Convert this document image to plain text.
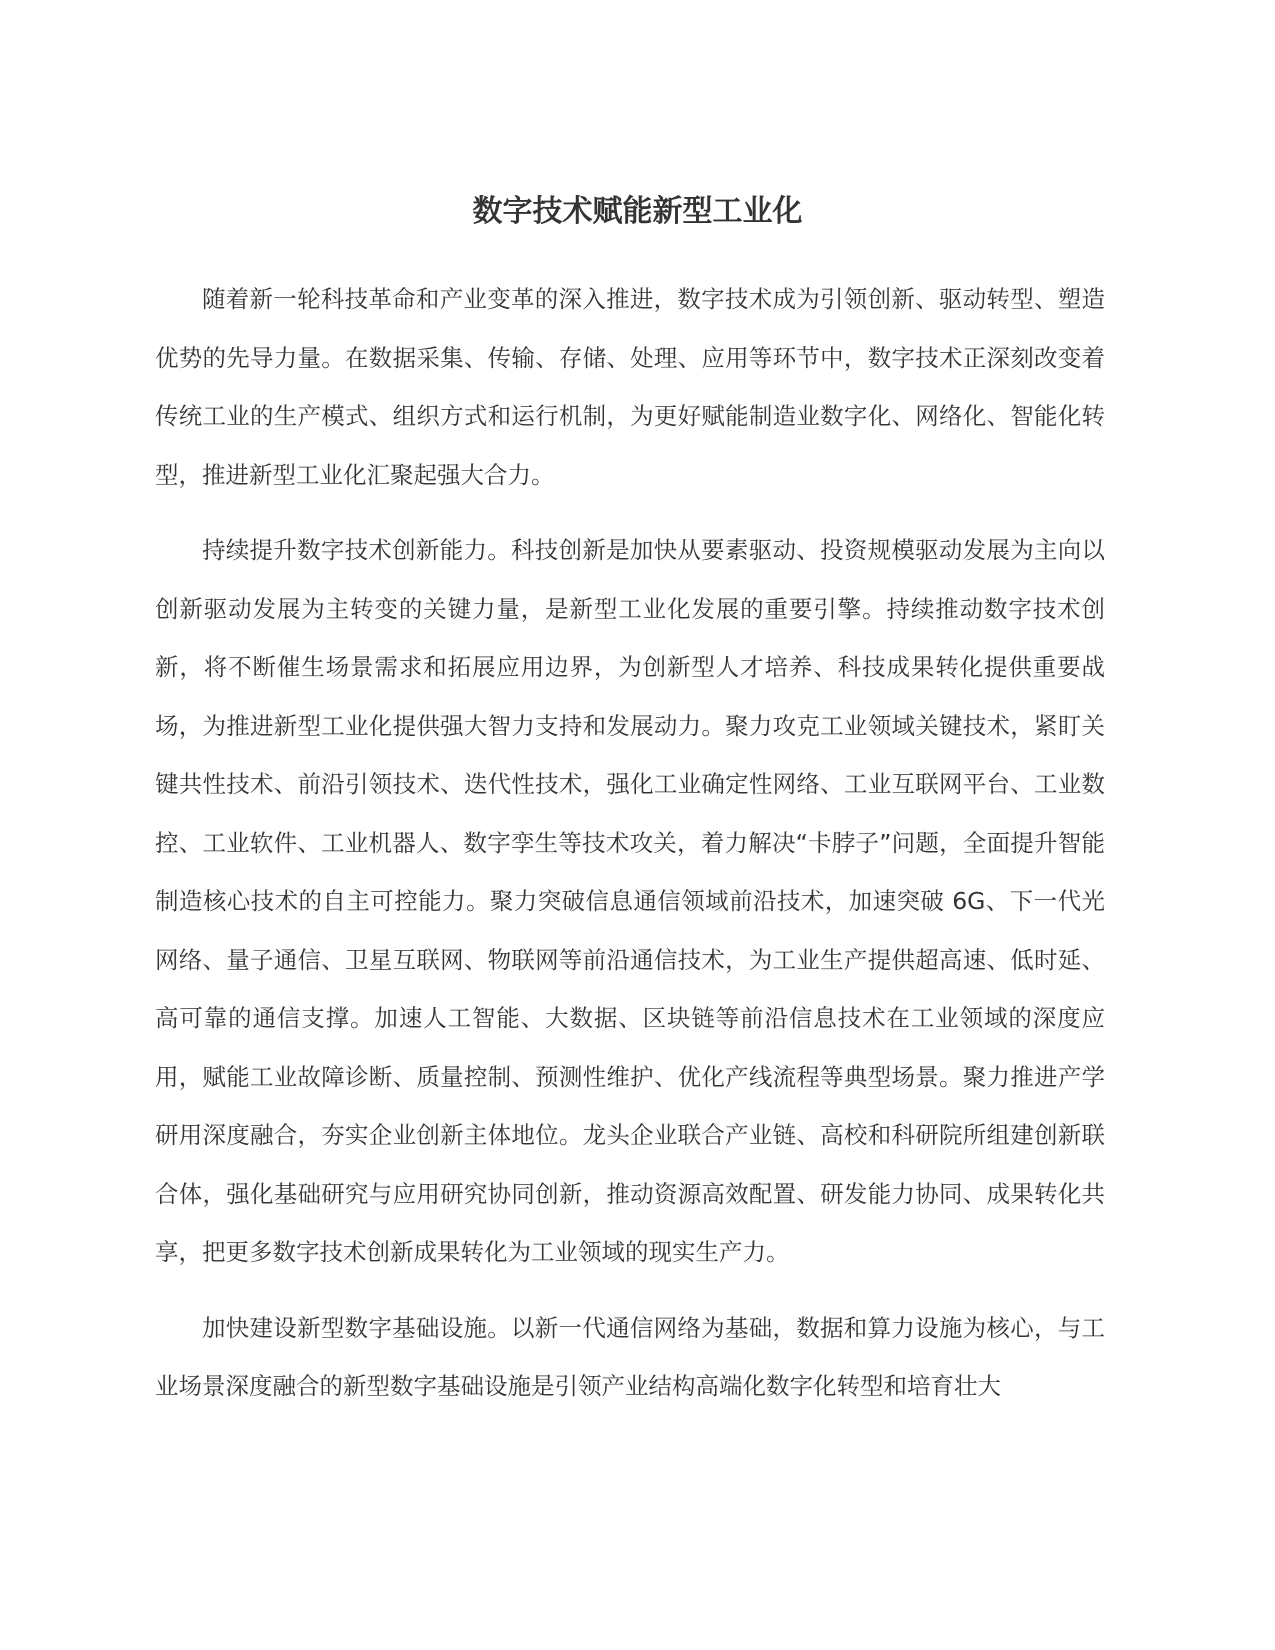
数字技术赋能新型工业化

随着新一轮科技革命和产业变革的深入推进，数字技术成为引领创新、驱动转型、塑造优势的先导力量。在数据采集、传输、存储、处理、应用等环节中，数字技术正深刻改变着传统工业的生产模式、组织方式和运行机制，为更好赋能制造业数字化、网络化、智能化转型，推进新型工业化汇聚起强大合力。

持续提升数字技术创新能力。科技创新是加快从要素驱动、投资规模驱动发展为主向以创新驱动发展为主转变的关键力量，是新型工业化发展的重要引擎。持续推动数字技术创新，将不断催生场景需求和拓展应用边界，为创新型人才培养、科技成果转化提供重要战场，为推进新型工业化提供强大智力支持和发展动力。聚力攻克工业领域关键技术，紧盯关键共性技术、前沿引领技术、迭代性技术，强化工业确定性网络、工业互联网平台、工业数控、工业软件、工业机器人、数字孪生等技术攻关，着力解决“卡脖子”问题，全面提升智能制造核心技术的自主可控能力。聚力突破信息通信领域前沿技术，加速突破 6G、下一代光网络、量子通信、卫星互联网、物联网等前沿通信技术，为工业生产提供超高速、低时延、高可靠的通信支撑。加速人工智能、大数据、区块链等前沿信息技术在工业领域的深度应用，赋能工业故障诊断、质量控制、预测性维护、优化产线流程等典型场景。聚力推进产学研用深度融合，夯实企业创新主体地位。龙头企业联合产业链、高校和科研院所组建创新联合体，强化基础研究与应用研究协同创新，推动资源高效配置、研发能力协同、成果转化共享，把更多数字技术创新成果转化为工业领域的现实生产力。

加快建设新型数字基础设施。以新一代通信网络为基础，数据和算力设施为核心，与工业场景深度融合的新型数字基础设施是引领产业结构高端化数字化转型和培育壮大
